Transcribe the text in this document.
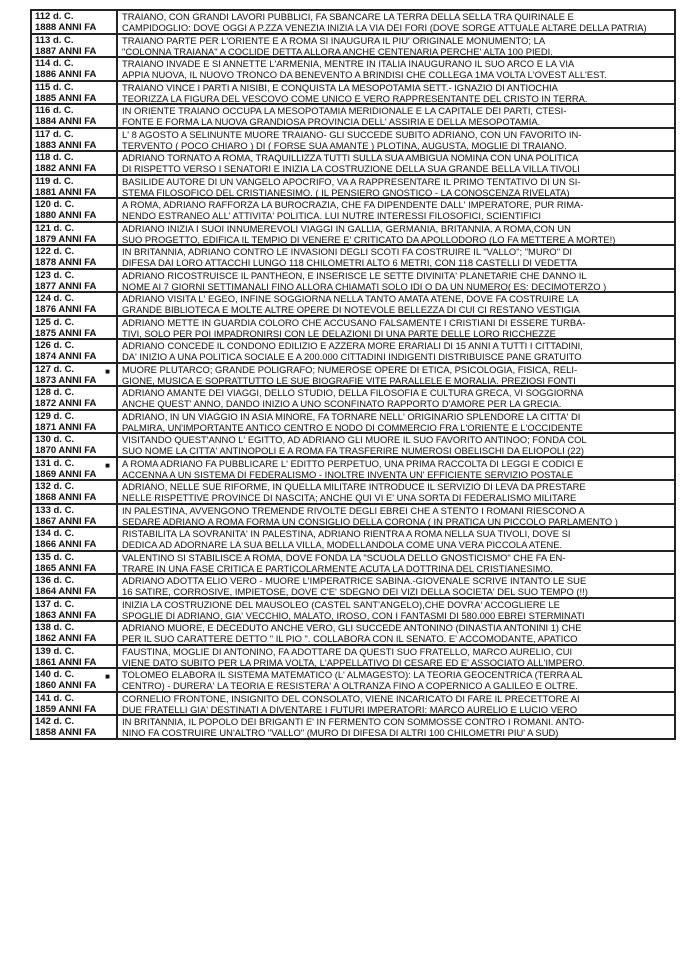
112 d. C.
1888 ANNI FA
TRAIANO, CON GRANDI LAVORI PUBBLICI, FA SBANCARE LA TERRA DELLA SELLA TRA QUIRINALE E
CAMPIDOGLIO: DOVE OGGI A P.ZZA VENEZIA INIZIA LA VIA DEI FORI (DOVE SORGE ATTUALE ALTARE DELLA PATRIA)
113 d. C.
1887 ANNI FA
TRAIANO PARTE PER L'ORIENTE E A ROMA SI INAUGURA IL PIU' ORIGINALE MONUMENTO; LA
"COLONNA TRAIANA" A COCLIDE DETTA ALLORA ANCHE CENTENARIA PERCHE' ALTA 100 PIEDI.
114 d. C.
1886 ANNI FA
TRAIANO INVADE E SI ANNETTE L'ARMENIA, MENTRE IN ITALIA INAUGURANO IL SUO ARCO E LA VIA
APPIA NUOVA, IL NUOVO TRONCO DA BENEVENTO A BRINDISI CHE COLLEGA 1MA VOLTA L'OVEST ALL'EST.
115 d. C.
1885 ANNI FA
TRAIANO VINCE I PARTI A NISIBI, E CONQUISTA LA MESOPOTAMIA SETT.- IGNAZIO DI ANTIOCHIA
TEORIZZA LA FIGURA DEL VESCOVO COME UNICO E VERO RAPPRESENTANTE DEL CRISTO IN TERRA.
116 d. C.
1884 ANNI FA
IN ORIENTE TRAIANO OCCUPA LA MESOPOTAMIA MERIDIONALE E LA CAPITALE DEI PARTI, CTESI-
FONTE E FORMA LA NUOVA GRANDIOSA PROVINCIA DELL' ASSIRIA E DELLA MESOPOTAMIA.
117 d. C.
1883 ANNI FA
L' 8 AGOSTO A SELINUNTE MUORE TRAIANO- GLI SUCCEDE SUBITO ADRIANO, CON UN FAVORITO IN-
TERVENTO ( POCO CHIARO ) DI ( FORSE SUA AMANTE ) PLOTINA, AUGUSTA, MOGLIE DI TRAIANO.
118 d. C.
1882 ANNI FA
ADRIANO TORNATO A ROMA, TRAQUILLIZZA TUTTI SULLA SUA AMBIGUA NOMINA CON UNA POLITICA
DI RISPETTO VERSO I SENATORI E INIZIA LA COSTRUZIONE DELLA SUA GRANDE BELLA VILLA TIVOLI
119 d. C.
1881 ANNI FA
BASILIDE AUTORE DI UN VANGELO APOCRIFO, VA A RAPPRESENTARE IL PRIMO TENTATIVO DI UN SI-
STEMA FILOSOFICO DEL CRISTIANESIMO. ( IL PENSIERO GNOSTICO - LA CONOSCENZA RIVELATA)
120 d. C.
1880 ANNI FA
A ROMA, ADRIANO RAFFORZA LA BUROCRAZIA, CHE FA DIPENDENTE DALL' IMPERATORE, PUR RIMA-
NENDO ESTRANEO ALL' ATTIVITA' POLITICA. LUI NUTRE INTERESSI FILOSOFICI, SCIENTIFICI
121 d. C.
1879 ANNI FA
ADRIANO INIZIA I SUOI INNUMEREVOLI VIAGGI IN GALLIA, GERMANIA, BRITANNIA. A ROMA,CON UN
SUO PROGETTO, EDIFICA IL TEMPIO DI VENERE E' CRITICATO DA APOLLODORO (LO FA METTERE A MORTE!)
122 d. C.
1878 ANNI FA
IN BRITANNIA, ADRIANO CONTRO LE INVASIONI DEGLI SCOTI FA COSTRUIRE IL "VALLO"; "MURO" DI
DIFESA DAI LORO ATTACCHI LUNGO 118 CHILOMETRI ALTO 6 METRI, CON 118 CASTELLI DI VEDETTA
123 d. C.
1877 ANNI FA
ADRIANO RICOSTRUISCE IL PANTHEON, E INSERISCE LE SETTE DIVINITA' PLANETARIE CHE DANNO IL
NOME AI 7 GIORNI SETTIMANALI FINO ALLORA CHIAMATI SOLO IDI O DA UN NUMERO( ES: DECIMOTERZO )
124 d. C.
1876 ANNI FA
ADRIANO VISITA L' EGEO, INFINE SOGGIORNA NELLA TANTO AMATA ATENE, DOVE FA COSTRUIRE LA
GRANDE BIBLIOTECA E MOLTE ALTRE OPERE DI NOTEVOLE BELLEZZA DI CUI CI RESTANO VESTIGIA
125 d. C.
1875 ANNI FA
ADRIANO METTE IN GUARDIA COLORO CHE ACCUSANO FALSAMENTE I CRISTIANI DI ESSERE TURBA-
TIVI, SOLO PER POI IMPADRONIRSI CON LE DELAZIONI DI UNA PARTE DELLE LORO RICCHEZZE
126 d. C.
1874 ANNI FA
ADRIANO CONCEDE IL CONDONO EDILIZIO E AZZERA MORE ERARIALI DI 15 ANNI A TUTTI I CITTADINI,
DA' INIZIO A UNA POLITICA SOCIALE E A 200.000 CITTADINI INDIGENTI DISTRIBUISCE PANE GRATUITO
127 d. C.
1873 ANNI FA
■ MUORE PLUTARCO; GRANDE POLIGRAFO; NUMEROSE OPERE DI ETICA, PSICOLOGIA, FISICA, RELI-
GIONE, MUSICA E SOPRATTUTTO LE SUE BIOGRAFIE VITE PARALLELE E MORALIA. PREZIOSI FONTI
128 d. C.
1872 ANNI FA
ADRIANO AMANTE DEI VIAGGI, DELLO STUDIO, DELLA FILOSOFIA E CULTURA GRECA, VI SOGGIORNA
ANCHE QUEST' ANNO, DANDO INIZIO A UNO SCONFINATO RAPPORTO D'AMORE PER LA GRECIA.
129 d. C.
1871 ANNI FA
ADRIANO, IN UN VIAGGIO IN ASIA MINORE, FA TORNARE NELL' ORIGINARIO SPLENDORE LA CITTA' DI
PALMIRA, UN'IMPORTANTE ANTICO CENTRO E NODO DI COMMERCIO FRA L'ORIENTE E L'OCCIDENTE
130 d. C.
1870 ANNI FA
VISITANDO QUEST'ANNO L' EGITTO, AD ADRIANO GLI MUORE IL SUO FAVORITO ANTINOO; FONDA COL
SUO NOME LA CITTA' ANTINOPOLI E A ROMA FA TRASFERIRE NUMEROSI OBELISCHI DA ELIOPOLI (22)
131 d. C.
1869 ANNI FA
■ A ROMA ADRIANO FA PUBBLICARE L' EDITTO PERPETUO, UNA PRIMA RACCOLTA DI LEGGI E CODICI E
ACCENNA A UN SISTEMA DI FEDERALISMO - INOLTRE INVENTA UN' EFFICIENTE SERVIZIO POSTALE
132 d. C.
1868 ANNI FA
ADRIANO, NELLE SUE RIFORME, IN QUELLA MILITARE INTRODUCE IL SERVIZIO DI LEVA DA PRESTARE
NELLE RISPETTIVE PROVINCE DI NASCITA; ANCHE QUI VI E' UNA SORTA DI FEDERALISMO MILITARE
133 d. C.
1867 ANNI FA
IN PALESTINA, AVVENGONO TREMENDE RIVOLTE DEGLI EBREI CHE A STENTO I ROMANI RIESCONO A
SEDARE ADRIANO A ROMA FORMA UN CONSIGLIO DELLA CORONA ( IN PRATICA UN PICCOLO PARLAMENTO )
134 d. C.
1866 ANNI FA
RISTABILITA LA SOVRANITA' IN PALESTINA, ADRIANO RIENTRA A ROMA NELLA SUA TIVOLI, DOVE SI
DEDICA AD ADORNARE LA SUA BELLA VILLA, MODELLANDOLA COME UNA VERA PICCOLA ATENE.
135 d. C.
1865 ANNI FA
VALENTINO SI STABILISCE A ROMA, DOVE FONDA LA "SCUOLA DELLO GNOSTICISMO" CHE FA EN-
TRARE IN UNA FASE CRITICA E PARTICOLARMENTE ACUTA LA DOTTRINA DEL CRISTIANESIMO.
136 d. C.
1864 ANNI FA
ADRIANO ADOTTA ELIO VERO - MUORE L'IMPERATRICE SABINA.-GIOVENALE SCRIVE INTANTO LE SUE
16 SATIRE, CORROSIVE, IMPIETOSE, DOVE C'E' SDEGNO DEI VIZI DELLA SOCIETA' DEL SUO TEMPO (!!)
137 d. C.
1863 ANNI FA
INIZIA LA COSTRUZIONE DEL MAUSOLEO (CASTEL SANT'ANGELO),CHE DOVRA' ACCOGLIERE LE
SPOGLIE DI ADRIANO, GIA' VECCHIO, MALATO, IROSO, CON I FANTASMI DI 580.000 EBREI STERMINATI
138 d. C.
1862 ANNI FA
ADRIANO MUORE, E DECEDUTO ANCHE VERO, GLI SUCCEDE ANTONINO (DINASTIA ANTONINI 1) CHE
PER IL SUO CARATTERE DETTO " IL PIO ". COLLABORA CON IL SENATO. E' ACCOMODANTE, APATICO
139 d. C.
1861 ANNI FA
FAUSTINA, MOGLIE DI ANTONINO, FA ADOTTARE DA QUESTI SUO FRATELLO, MARCO AURELIO, CUI
VIENE DATO SUBITO PER LA PRIMA VOLTA, L'APPELLATIVO DI CESARE ED E' ASSOCIATO ALL'IMPERO.
140 d. C.
1860 ANNI FA
■ TOLOMEO ELABORA IL SISTEMA MATEMATICO (L' ALMAGESTO): LA TEORIA GEOCENTRICA (TERRA AL
CENTRO) - DURERA' LA TEORIA E RESISTERA' A OLTRANZA FINO A COPERNICO A GALILEO E OLTRE.
141 d. C.
1859 ANNI FA
CORNELIO FRONTONE, INSIGNITO DEL CONSOLATO, VIENE INCARICATO DI FARE IL PRECETTORE AI
DUE FRATELLI GIA' DESTINATI A DIVENTARE I FUTURI IMPERATORI: MARCO AURELIO E LUCIO VERO
142 d. C.
1858 ANNI FA
IN BRITANNIA, IL POPOLO DEI BRIGANTI E' IN FERMENTO CON SOMMOSSE CONTRO I ROMANI. ANTO-
NINO FA COSTRUIRE UN'ALTRO "VALLO" (MURO DI DIFESA DI ALTRI 100 CHILOMETRI PIU' A SUD)
